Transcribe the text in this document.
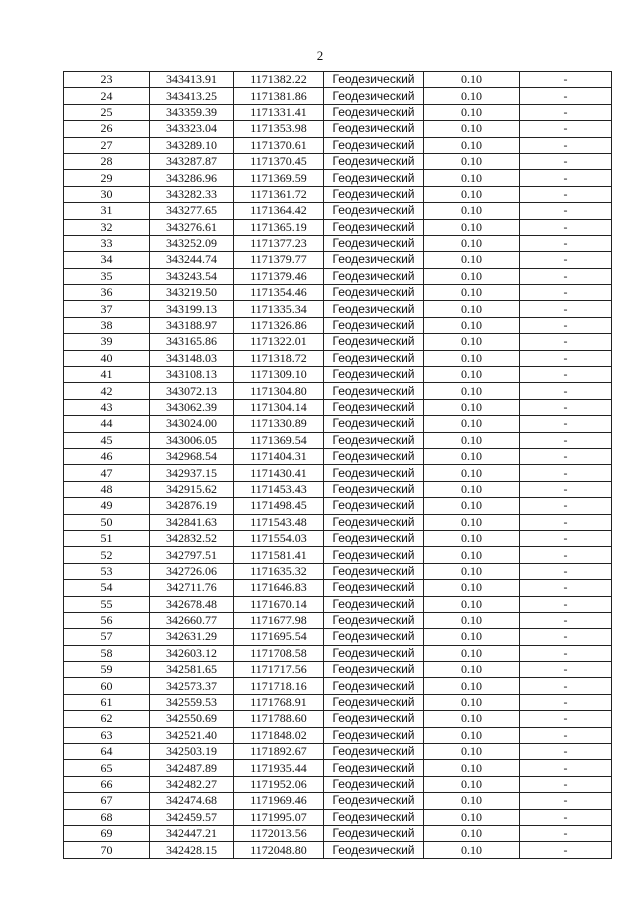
2
23	343413.91	1171382.22	Геодезический	0.10	-
24	343413.25	1171381.86	Геодезический	0.10	-
25	343359.39	1171331.41	Геодезический	0.10	-
26	343323.04	1171353.98	Геодезический	0.10	-
27	343289.10	1171370.61	Геодезический	0.10	-
28	343287.87	1171370.45	Геодезический	0.10	-
29	343286.96	1171369.59	Геодезический	0.10	-
30	343282.33	1171361.72	Геодезический	0.10	-
31	343277.65	1171364.42	Геодезический	0.10	-
32	343276.61	1171365.19	Геодезический	0.10	-
33	343252.09	1171377.23	Геодезический	0.10	-
34	343244.74	1171379.77	Геодезический	0.10	-
35	343243.54	1171379.46	Геодезический	0.10	-
36	343219.50	1171354.46	Геодезический	0.10	-
37	343199.13	1171335.34	Геодезический	0.10	-
38	343188.97	1171326.86	Геодезический	0.10	-
39	343165.86	1171322.01	Геодезический	0.10	-
40	343148.03	1171318.72	Геодезический	0.10	-
41	343108.13	1171309.10	Геодезический	0.10	-
42	343072.13	1171304.80	Геодезический	0.10	-
43	343062.39	1171304.14	Геодезический	0.10	-
44	343024.00	1171330.89	Геодезический	0.10	-
45	343006.05	1171369.54	Геодезический	0.10	-
46	342968.54	1171404.31	Геодезический	0.10	-
47	342937.15	1171430.41	Геодезический	0.10	-
48	342915.62	1171453.43	Геодезический	0.10	-
49	342876.19	1171498.45	Геодезический	0.10	-
50	342841.63	1171543.48	Геодезический	0.10	-
51	342832.52	1171554.03	Геодезический	0.10	-
52	342797.51	1171581.41	Геодезический	0.10	-
53	342726.06	1171635.32	Геодезический	0.10	-
54	342711.76	1171646.83	Геодезический	0.10	-
55	342678.48	1171670.14	Геодезический	0.10	-
56	342660.77	1171677.98	Геодезический	0.10	-
57	342631.29	1171695.54	Геодезический	0.10	-
58	342603.12	1171708.58	Геодезический	0.10	-
59	342581.65	1171717.56	Геодезический	0.10	-
60	342573.37	1171718.16	Геодезический	0.10	-
61	342559.53	1171768.91	Геодезический	0.10	-
62	342550.69	1171788.60	Геодезический	0.10	-
63	342521.40	1171848.02	Геодезический	0.10	-
64	342503.19	1171892.67	Геодезический	0.10	-
65	342487.89	1171935.44	Геодезический	0.10	-
66	342482.27	1171952.06	Геодезический	0.10	-
67	342474.68	1171969.46	Геодезический	0.10	-
68	342459.57	1171995.07	Геодезический	0.10	-
69	342447.21	1172013.56	Геодезический	0.10	-
70	342428.15	1172048.80	Геодезический	0.10	-
